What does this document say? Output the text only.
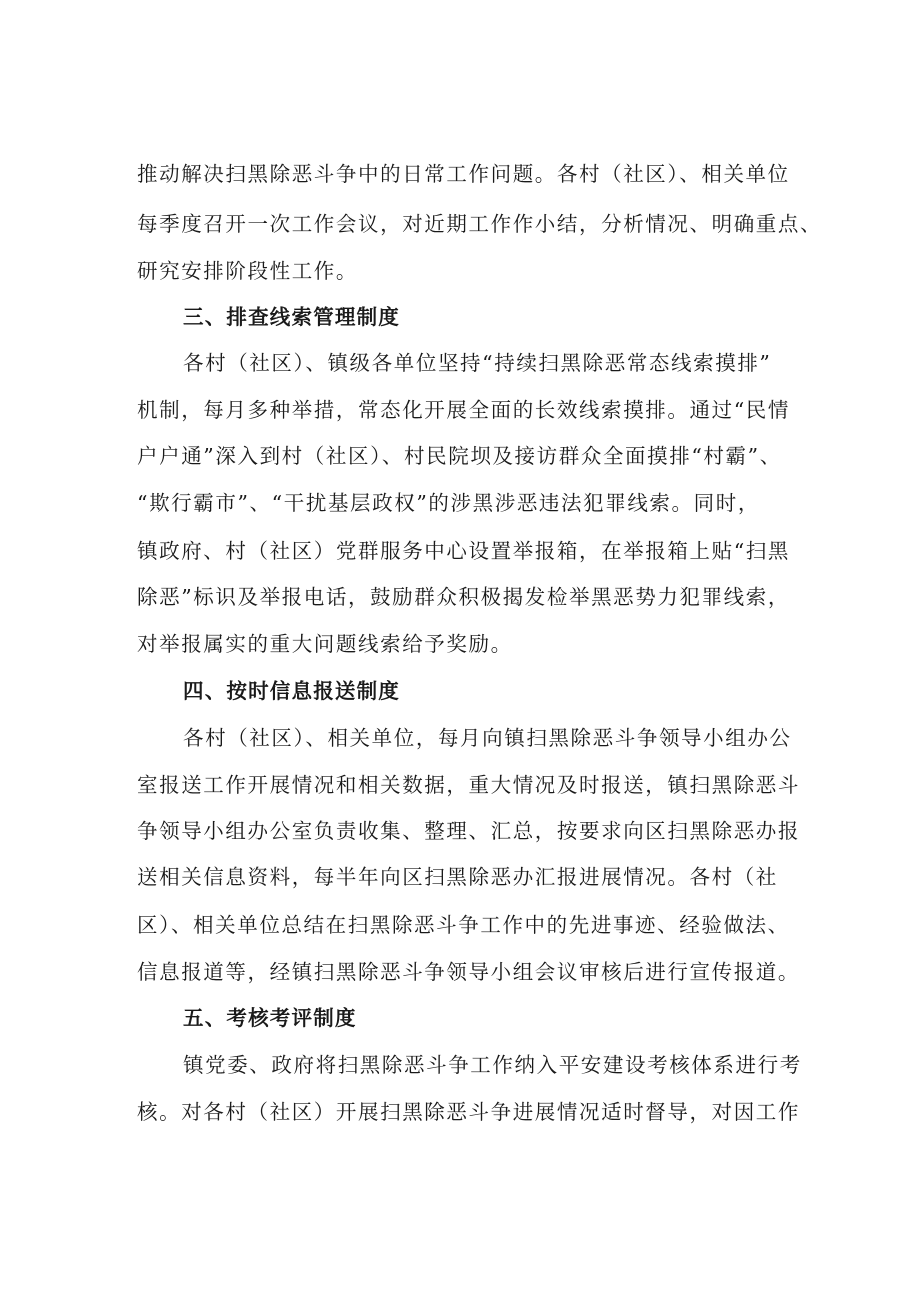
推动解决扫黑除恶斗争中的日常工作问题。各村（社区）、相关单位
每季度召开一次工作会议，对近期工作作小结，分析情况、明确重点、
研究安排阶段性工作。
三、排查线索管理制度
各村（社区）、镇级各单位坚持“持续扫黑除恶常态线索摸排”
机制，每月多种举措，常态化开展全面的长效线索摸排。通过“民情
户户通”深入到村（社区）、村民院坝及接访群众全面摸排“村霸”、
“欺行霸市”、“干扰基层政权”的涉黑涉恶违法犯罪线索。同时，
镇政府、村（社区）党群服务中心设置举报箱，在举报箱上贴“扫黑
除恶”标识及举报电话，鼓励群众积极揭发检举黑恶势力犯罪线索，
对举报属实的重大问题线索给予奖励。
四、按时信息报送制度
各村（社区）、相关单位，每月向镇扫黑除恶斗争领导小组办公
室报送工作开展情况和相关数据，重大情况及时报送，镇扫黑除恶斗
争领导小组办公室负责收集、整理、汇总，按要求向区扫黑除恶办报
送相关信息资料，每半年向区扫黑除恶办汇报进展情况。各村（社
区）、相关单位总结在扫黑除恶斗争工作中的先进事迹、经验做法、
信息报道等，经镇扫黑除恶斗争领导小组会议审核后进行宣传报道。
五、考核考评制度
镇党委、政府将扫黑除恶斗争工作纳入平安建设考核体系进行考
核。对各村（社区）开展扫黑除恶斗争进展情况适时督导，对因工作
